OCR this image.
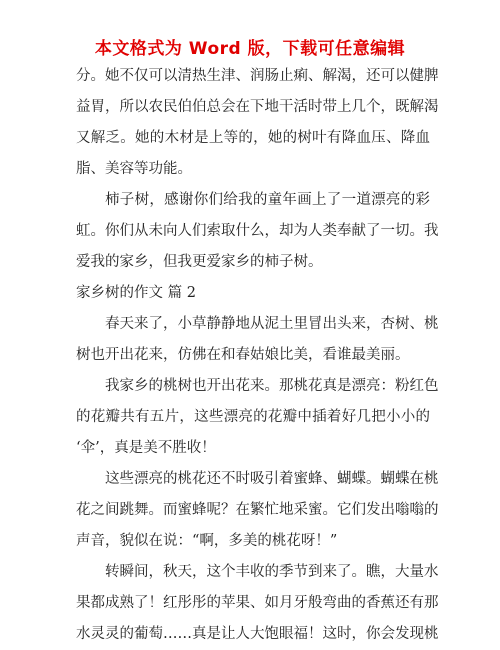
本文格式为 Word 版，下载可任意编辑
分。她不仅可以清热生津、润肠止痢、解渴，还可以健脾
益胃，所以农民伯伯总会在下地干活时带上几个，既解渴
又解乏。她的木材是上等的，她的树叶有降血压、降血
脂、美容等功能。
柿子树，感谢你们给我的童年画上了一道漂亮的彩
虹。你们从未向人们索取什么，却为人类奉献了一切。我
爱我的家乡，但我更爱家乡的柿子树。
家乡树的作文 篇 2
春天来了，小草静静地从泥土里冒出头来，杏树、桃
树也开出花来，仿佛在和春姑娘比美，看谁最美丽。
我家乡的桃树也开出花来。那桃花真是漂亮：粉红色
的花瓣共有五片，这些漂亮的花瓣中插着好几把小小的
‘伞’，真是美不胜收！
这些漂亮的桃花还不时吸引着蜜蜂、蝴蝶。蝴蝶在桃
花之间跳舞。而蜜蜂呢？在繁忙地采蜜。它们发出嗡嗡的
声音，貌似在说：“啊，多美的桃花呀！”
转瞬间，秋天，这个丰收的季节到来了。瞧，大量水
果都成熟了！红彤彤的苹果、如月牙般弯曲的香蕉还有那
水灵灵的葡萄……真是让人大饱眼福！这时，你会发现桃
